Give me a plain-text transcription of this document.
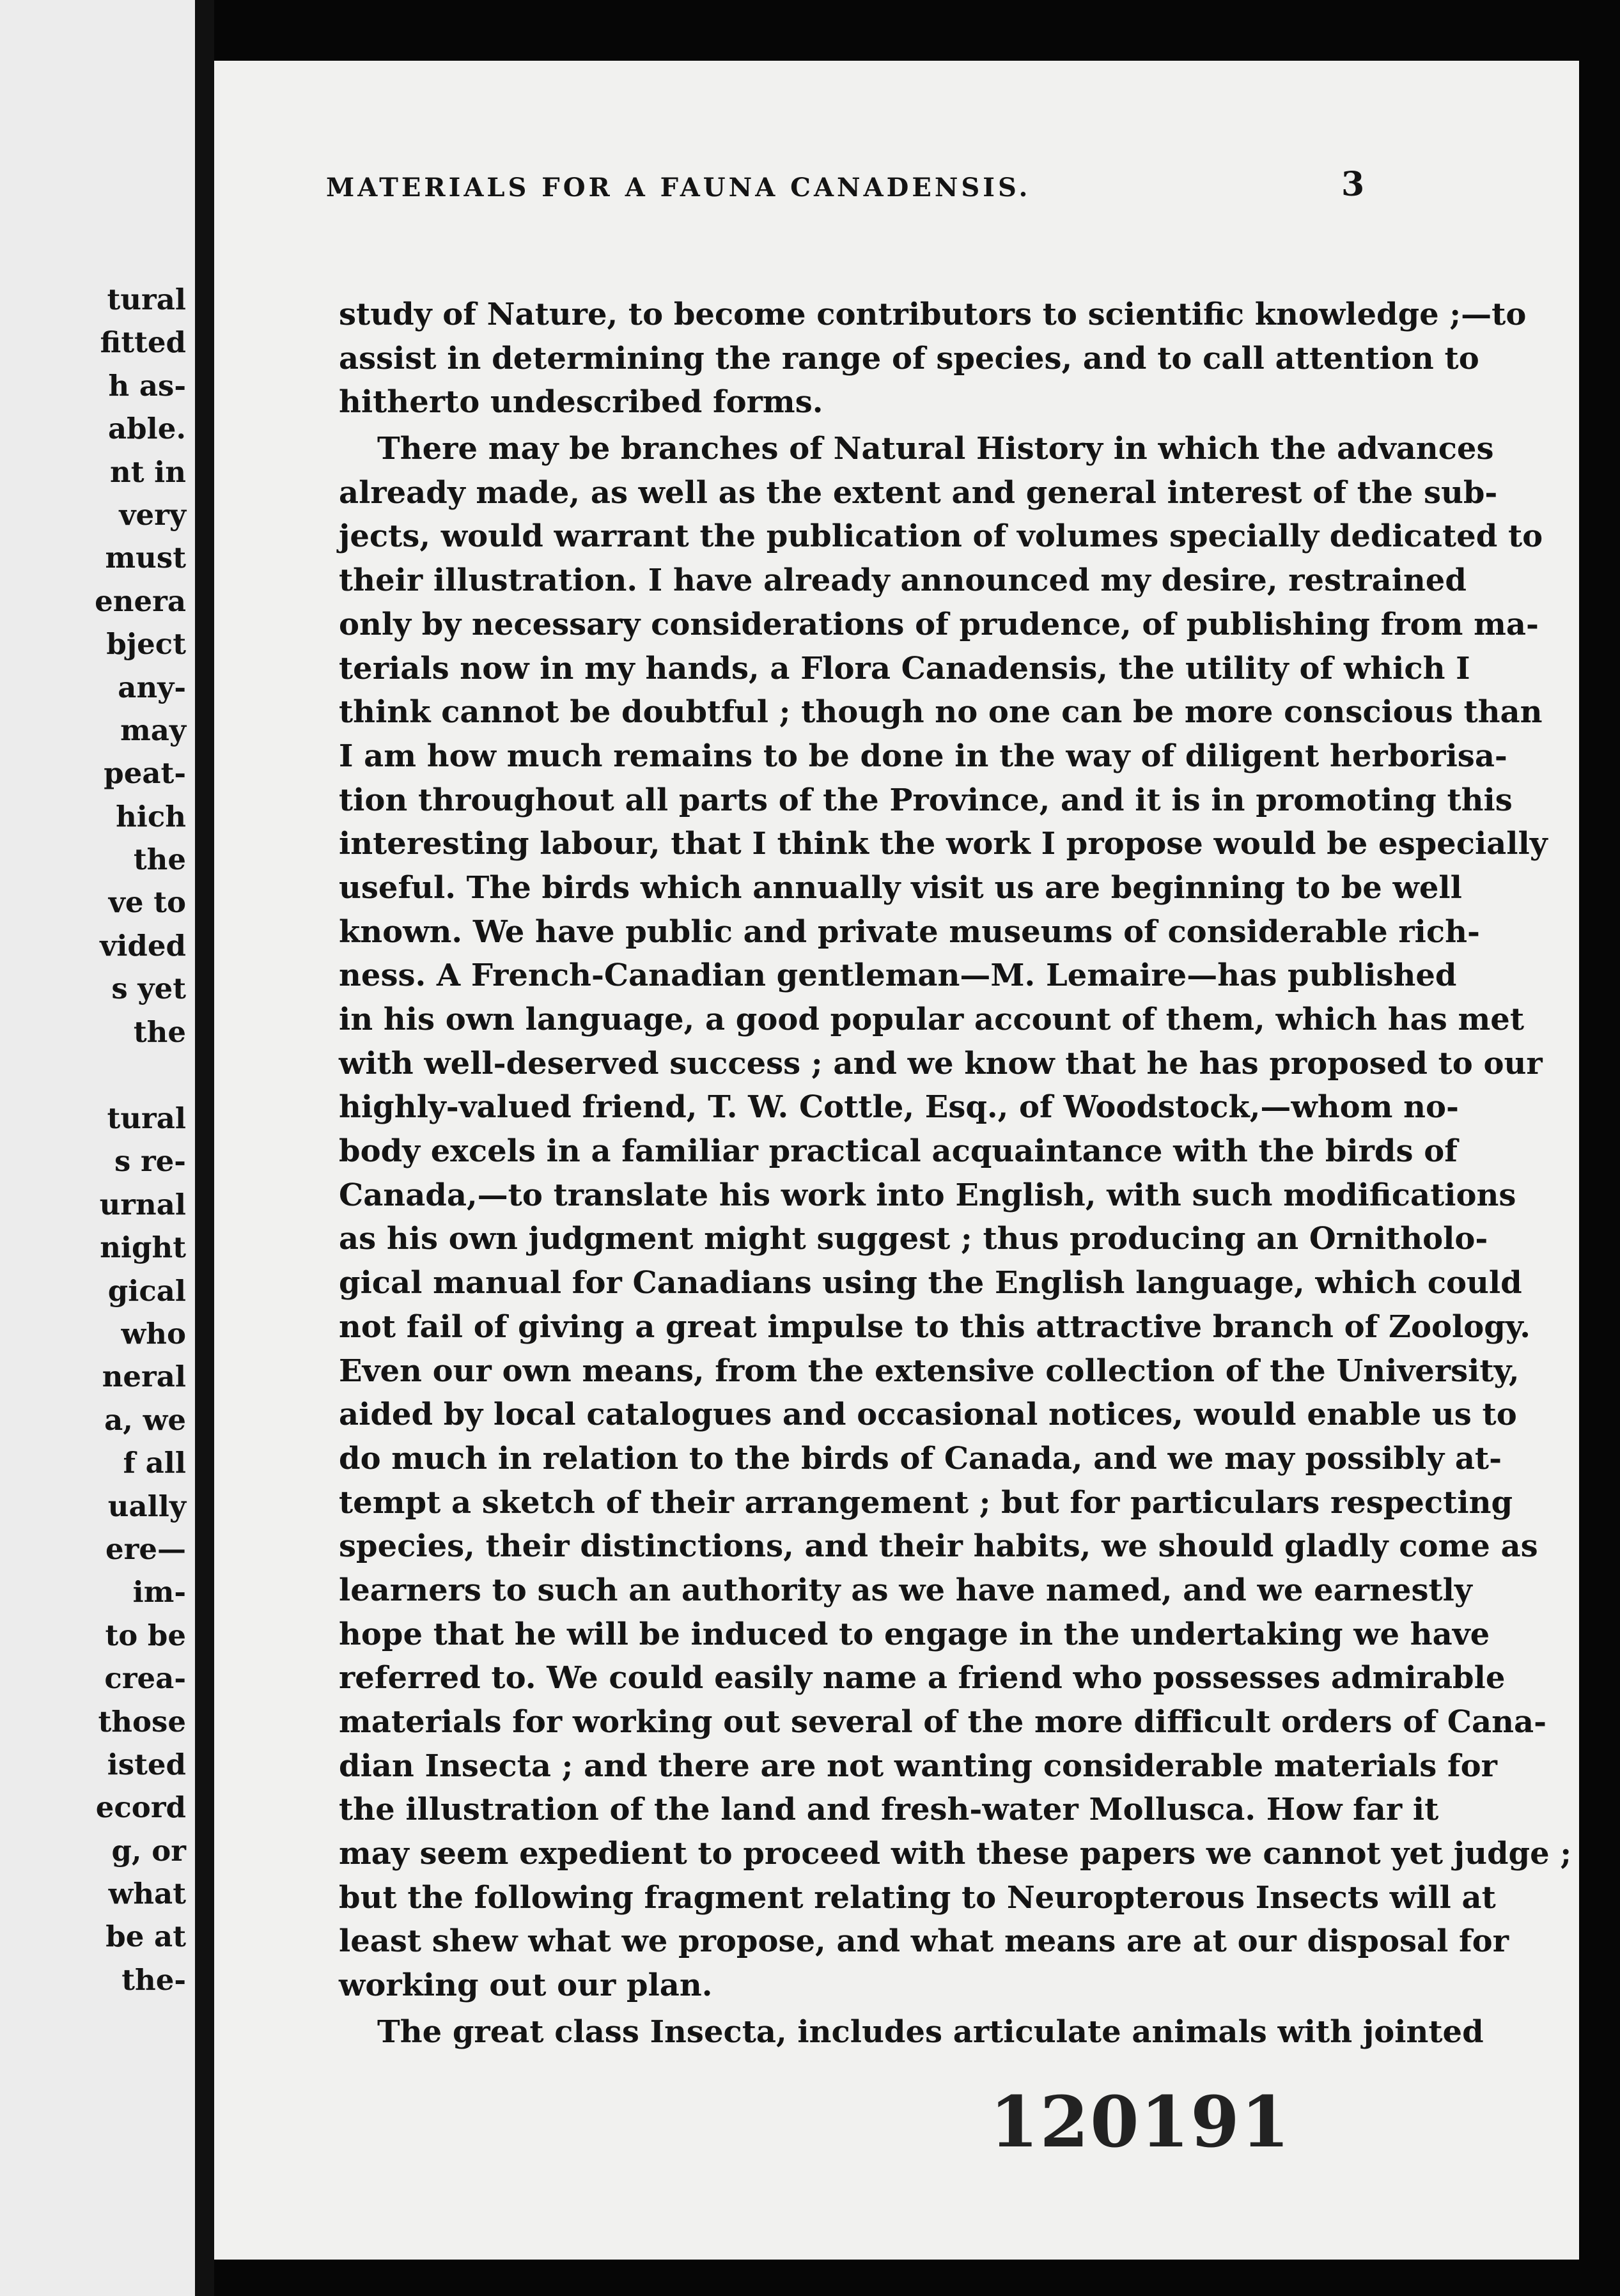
tural
fitted
h as-
able.
nt in
very
must
enera
bject
any-
may
peat-
hich
the
ve to
vided
s yet
the
tural
s re-
urnal
night
gical
who
neral
a, we
f all
ually
ere—
im-
to be
crea-
those
isted
ecord
g, or
what
be at
the-
MATERIALS FOR A FAUNA CANADENSIS.	3
study of Nature, to become contributors to scientific knowledge ;—to
assist in determining the range of species, and to call attention to
hitherto undescribed forms.
There may be branches of Natural History in which the advances
already made, as well as the extent and general interest of the sub-
jects, would warrant the publication of volumes specially dedicated to
their illustration. I have already announced my desire, restrained
only by necessary considerations of prudence, of publishing from ma-
terials now in my hands, a Flora Canadensis, the utility of which I
think cannot be doubtful ; though no one can be more conscious than
I am how much remains to be done in the way of diligent herborisa-
tion throughout all parts of the Province, and it is in promoting this
interesting labour, that I think the work I propose would be especially
useful. The birds which annually visit us are beginning to be well
known. We have public and private museums of considerable rich-
ness. A French-Canadian gentleman—M. Lemaire—has published
in his own language, a good popular account of them, which has met
with well-deserved success ; and we know that he has proposed to our
highly-valued friend, T. W. Cottle, Esq., of Woodstock,—whom no-
body excels in a familiar practical acquaintance with the birds of
Canada,—to translate his work into English, with such modifications
as his own judgment might suggest ; thus producing an Ornitholo-
gical manual for Canadians using the English language, which could
not fail of giving a great impulse to this attractive branch of Zoology.
Even our own means, from the extensive collection of the University,
aided by local catalogues and occasional notices, would enable us to
do much in relation to the birds of Canada, and we may possibly at-
tempt a sketch of their arrangement ; but for particulars respecting
species, their distinctions, and their habits, we should gladly come as
learners to such an authority as we have named, and we earnestly
hope that he will be induced to engage in the undertaking we have
referred to. We could easily name a friend who possesses admirable
materials for working out several of the more difficult orders of Cana-
dian Insecta ; and there are not wanting considerable materials for
the illustration of the land and fresh-water Mollusca. How far it
may seem expedient to proceed with these papers we cannot yet judge ;
but the following fragment relating to Neuropterous Insects will at
least shew what we propose, and what means are at our disposal for
working out our plan.
The great class Insecta, includes articulate animals with jointed
120191
